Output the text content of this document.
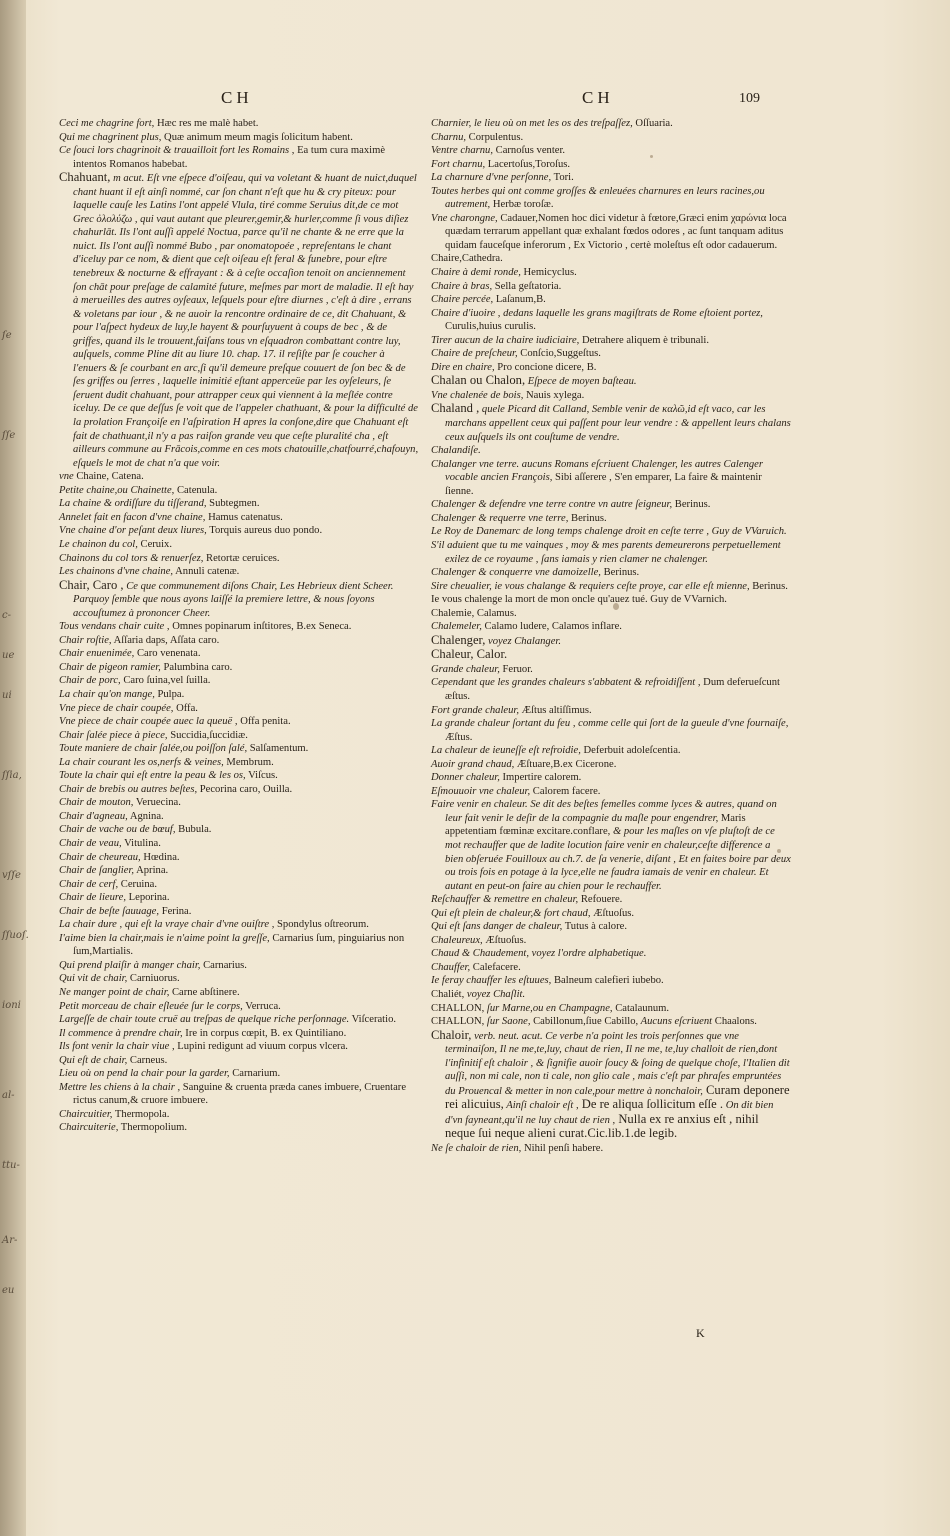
ſe
ſſe
c-
ue
ui
ſſia,
vſſe
ſſuoſ.
ioni
al-
ttu-
Ar-
eu
CH	CH	109

Ceci me chagrine fort, Hæc res me malè habet.

Qui me chagrinent plus, Quæ animum meum magis ſolicitum habent.

Ce ſouci lors chagrinoit & trauailloit fort les Romains , Ea tum cura maximè intentos Romanos habebat.

Chahuant, m acut. Eſt vne eſpece d'oiſeau, qui va voletant & huant de nuict,duquel chant huant il eſt ainſi nommé, car ſon chant n'eſt que hu & cry piteux: pour laquelle cauſe les Latins l'ont appelé Vlula, tiré comme Seruius dit,de ce mot Grec ὀλολύζω , qui vaut autant que pleurer,gemir,& hurler,comme ſi vous diſiez chahurlāt. Ils l'ont auſſi appelé Noctua, parce qu'il ne chante & ne erre que la nuict. Ils l'ont auſſi nommé Bubo , par onomatopoée , repreſentans le chant d'iceluy par ce nom, & dient que ceſt oiſeau eſt feral & funebre, pour eſtre tenebreux & nocturne & effrayant : & à ceſte occaſion tenoit on anciennement ſon chāt pour preſage de calamité future, meſmes par mort de maladie. Il eſt hay à merueilles des autres oyſeaux, leſquels pour eſtre diurnes , c'eſt à dire , errans & voletans par iour , & ne auoir la rencontre ordinaire de ce, dit Chahuant, & pour l'aſpect hydeux de luy,le hayent & pourſuyuent à coups de bec , & de griffes, quand ils le trouuent,faiſans tous vn eſquadron combattant contre luy, auſquels, comme Pline dit au liure 10. chap. 17. il reſiſte par ſe coucher à l'enuers & ſe courbant en arc,ſi qu'il demeure preſque couuert de ſon bec & de ſes griffes ou ſerres , laquelle inimitié eſtant apperceüe par les oyſeleurs, ſe ſeruent dudit chahuant, pour attrapper ceux qui viennent à la meſlée contre iceluy. De ce que deſſus ſe voit que de l'appeler chathuant, & pour la difficulté de la prolation Françoiſe en l'aſpiration H apres la conſone,dire que Chahuant eſt fait de chathuant,il n'y a pas raiſon grande veu que ceſte pluralité cha , eſt ailleurs commune au Frācois,comme en ces mots chatouille,chatfourré,chafouyn, eſquels le mot de chat n'a que voir.

vne Chaine, Catena.

Petite chaine,ou Chainette, Catenula.

La chaine & ordiſſure du tiſſerand, Subtegmen.

Annelet fait en facon d'vne chaine, Hamus catenatus.

Vne chaine d'or peſant deux liures, Torquis aureus duo pondo.

Le chainon du col, Ceruix.

Chainons du col tors & renuerſez, Retortæ ceruices.

Les chainons d'vne chaine, Annuli catenæ.

Chair, Caro , Ce que communement diſons Chair, Les Hebrieux dient Scheer. Parquoy ſemble que nous ayons laiſſé la premiere lettre, & nous ſoyons accouſtumez à prononcer Cheer.

Tous vendans chair cuite , Omnes popinarum inſtitores, B.ex Seneca.

Chair roſtie, Aſſaria daps, Aſſata caro.

Chair enuenimée, Caro venenata.

Chair de pigeon ramier, Palumbina caro.

Chair de porc, Caro ſuina,vel ſuilla.

La chair qu'on mange, Pulpa.

Vne piece de chair coupée, Offa.

Vne piece de chair coupée auec la queuë , Offa penita.

Chair ſalée piece à piece, Succidia,ſuccidiæ.

Toute maniere de chair ſalée,ou poiſſon ſalé, Salſamentum.

La chair courant les os,nerfs & veines, Membrum.

Toute la chair qui eſt entre la peau & les os, Viſcus.

Chair de brebis ou autres beſtes, Pecorina caro, Ouilla.

Chair de mouton, Veruecina.

Chair d'agneau, Agnina.

Chair de vache ou de bœuf, Bubula.

Chair de veau, Vitulina.

Chair de cheureau, Hœdina.

Chair de ſanglier, Aprina.

Chair de cerf, Ceruina.

Chair de lieure, Leporina.

Chair de beſte ſauuage, Ferina.

La chair dure , qui eſt la vraye chair d'vne ouiſtre , Spondylus oſtreorum.

I'aime bien la chair,mais ie n'aime point la greſſe, Carnarius ſum, pinguiarius non ſum,Martialis.

Qui prend plaiſir à manger chair, Carnarius.

Qui vit de chair, Carniuorus.

Ne manger point de chair, Carne abſtinere.

Petit morceau de chair eſleuée ſur le corps, Verruca.

Largeſſe de chair toute cruë au treſpas de quelque riche perſonnage. Viſceratio.

Il commence à prendre chair, Ire in corpus cœpit, B. ex Quintiliano.

Ils font venir la chair viue , Lupini redigunt ad viuum corpus vlcera.

Qui eſt de chair, Carneus.

Lieu où on pend la chair pour la garder, Carnarium.

Mettre les chiens à la chair , Sanguine & cruenta præda canes imbuere, Cruentare rictus canum,& cruore imbuere.

Chaircuitier, Thermopola.

Chaircuiterie, Thermopolium.

Charnier, le lieu où on met les os des treſpaſſez, Oſſuaria.

Charnu, Corpulentus.

Ventre charnu, Carnoſus venter.

Fort charnu, Lacertoſus,Toroſus.

La charnure d'vne perſonne, Tori.

Toutes herbes qui ont comme groſſes & enleuées charnures en leurs racines,ou autrement, Herbæ toroſæ.

Vne charongne, Cadauer,Nomen hoc dici videtur à fœtore,Græci enim χαρώνια loca quædam terrarum appellant quæ exhalant fœdos odores , ac ſunt tanquam aditus quidam fauceſque inferorum , Ex Victorio , certè moleſtus eſt odor cadauerum.

Chaire,Cathedra.

Chaire à demi ronde, Hemicyclus.

Chaire à bras, Sella geſtatoria.

Chaire percée, Laſanum,B.

Chaire d'iuoire , dedans laquelle les grans magiſtrats de Rome eſtoient portez, Curulis,huius curulis.

Tirer aucun de la chaire iudiciaire, Detrahere aliquem è tribunali.

Chaire de preſcheur, Conſcio,Suggeſtus.

Dire en chaire, Pro concione dicere, B.

Chalan ou Chalon, Eſpece de moyen baſteau.

Vne chalenée de bois, Nauis xylega.

Chaland , quele Picard dit Calland, Semble venir de καλῶ,id eſt vaco, car les marchans appellent ceux qui paſſent pour leur vendre : & appellent leurs chalans ceux auſquels ils ont couſtume de vendre.

Chalandiſe.

Chalanger vne terre. aucuns Romans eſcriuent Chalenger, les autres Calenger vocable ancien François, Sibi aſſerere , S'en emparer, La faire & maintenir ſienne.

Chalenger & defendre vne terre contre vn autre ſeigneur, Berinus.

Chalenger & requerre vne terre, Berinus.

Le Roy de Danemarc de long temps chalenge droit en ceſte terre , Guy de VVaruich.

S'il aduient que tu me vainques , moy & mes parents demeurerons perpetuellement exilez de ce royaume , ſans iamais y rien clamer ne chalenger.

Chalenger & conquerre vne damoizelle, Berinus.

Sire cheualier, ie vous chalange & requiers ceſte proye, car elle eſt mienne, Berinus.

Ie vous chalenge la mort de mon oncle qu'auez tué. Guy de VVarnich.

Chalemie, Calamus.

Chalemeler, Calamo ludere, Calamos inflare.

Chalenger, voyez Chalanger.

Chaleur, Calor.

Grande chaleur, Feruor.

Cependant que les grandes chaleurs s'abbatent & refroidiſſent , Dum deferueſcunt æſtus.

Fort grande chaleur, Æſtus altiſſimus.

La grande chaleur ſortant du feu , comme celle qui ſort de la gueule d'vne fournaiſe, Æſtus.

La chaleur de ieuneſſe eſt refroidie, Deferbuit adoleſcentia.

Auoir grand chaud, Æſtuare,B.ex Cicerone.

Donner chaleur, Impertire calorem.

Eſmouuoir vne chaleur, Calorem facere.

Faire venir en chaleur. Se dit des beſtes femelles comme lyces & autres, quand on leur fait venir le deſir de la compagnie du maſle pour engendrer, Maris appetentiam fœminæ excitare.conflare, & pour les maſles on vſe pluſtoſt de ce mot rechauffer que de ladite locution faire venir en chaleur,ceſte difference a bien obſeruée Fouilloux au ch.7. de ſa venerie, diſant , Et en faites boire par deux ou trois fois en potage à la lyce,elle ne faudra iamais de venir en chaleur. Et autant en peut-on faire au chien pour le rechauffer.

Reſchauffer & remettre en chaleur, Refouere.

Qui eſt plein de chaleur,& fort chaud, Æſtuoſus.

Qui eſt ſans danger de chaleur, Tutus à calore.

Chaleureux, Æſtuoſus.

Chaud & Chaudement, voyez l'ordre alphabetique.

Chauffer, Calefacere.

Ie feray chauffer les eſtuues, Balneum calefieri iubebo.

Chaliét, voyez Chaſlit.

CHALLON, ſur Marne,ou en Champagne, Catalaunum.

CHALLON, ſur Saone, Cabillonum,ſiue Cabillo, Aucuns eſcriuent Chaalons.

Chaloir, verb. neut. acut. Ce verbe n'a point les trois perſonnes que vne terminaiſon, Il ne me,te,luy, chaut de rien, Il ne me, te,luy challoit de rien,dont l'infinitif eſt chaloir , & ſignifie auoir ſoucy & ſoing de quelque choſe, l'Italien dit auſſi, non mi cale, non ti cale, non glio cale , mais c'eſt par phraſes empruntées du Prouencal & metter in non cale,pour mettre à nonchaloir, Curam deponere rei alicuius, Ainſi chaloir eſt , De re aliqua ſollicitum eſſe . On dit bien d'vn fayneant,qu'il ne luy chaut de rien , Nulla ex re anxius eſt , nihil neque ſui neque alieni curat.Cic.lib.1.de legib.

Ne ſe chaloir de rien, Nihil penſi habere.

K
